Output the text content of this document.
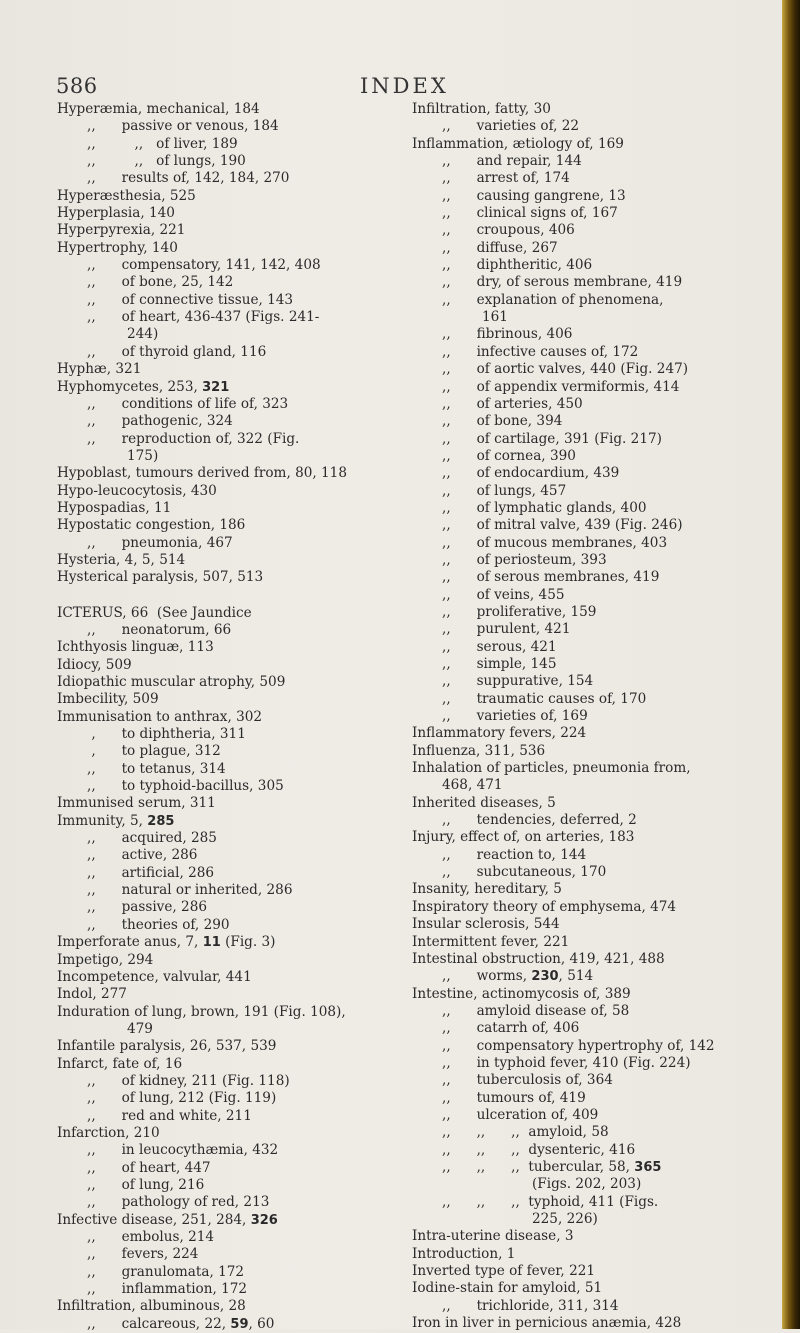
586	INDEX
Hyperæmia, mechanical, 184
,,      passive or venous, 184
,,         ,,   of liver, 189
,,         ,,   of lungs, 190
,,      results of, 142, 184, 270
Hyperæsthesia, 525
Hyperplasia, 140
Hyperpyrexia, 221
Hypertrophy, 140
,,      compensatory, 141, 142, 408
,,      of bone, 25, 142
,,      of connective tissue, 143
,,      of heart, 436-437 (Figs. 241-
244)
,,      of thyroid gland, 116
Hyphæ, 321
Hyphomycetes, 253, 321
,,      conditions of life of, 323
,,      pathogenic, 324
,,      reproduction of, 322 (Fig.
175)
Hypoblast, tumours derived from, 80, 118
Hypo-leucocytosis, 430
Hypospadias, 11
Hypostatic congestion, 186
,,      pneumonia, 467
Hysteria, 4, 5, 514
Hysterical paralysis, 507, 513
ICTERUS, 66  (See Jaundice
,,      neonatorum, 66
Ichthyosis linguæ, 113
Idiocy, 509
Idiopathic muscular atrophy, 509
Imbecility, 509
Immunisation to anthrax, 302
,      to diphtheria, 311
,      to plague, 312
,,      to tetanus, 314
,,      to typhoid-bacillus, 305
Immunised serum, 311
Immunity, 5, 285
,,      acquired, 285
,,      active, 286
,,      artificial, 286
,,      natural or inherited, 286
,,      passive, 286
,,      theories of, 290
Imperforate anus, 7, 11 (Fig. 3)
Impetigo, 294
Incompetence, valvular, 441
Indol, 277
Induration of lung, brown, 191 (Fig. 108),
479
Infantile paralysis, 26, 537, 539
Infarct, fate of, 16
,,      of kidney, 211 (Fig. 118)
,,      of lung, 212 (Fig. 119)
,,      red and white, 211
Infarction, 210
,,      in leucocythæmia, 432
,,      of heart, 447
,,      of lung, 216
,,      pathology of red, 213
Infective disease, 251, 284, 326
,,      embolus, 214
,,      fevers, 224
,,      granulomata, 172
,,      inflammation, 172
Infiltration, albuminous, 28
,,      calcareous, 22, 59, 60
Infiltration, fatty, 30
,,      varieties of, 22
Inflammation, ætiology of, 169
,,      and repair, 144
,,      arrest of, 174
,,      causing gangrene, 13
,,      clinical signs of, 167
,,      croupous, 406
,,      diffuse, 267
,,      diphtheritic, 406
,,      dry, of serous membrane, 419
,,      explanation of phenomena,
161
,,      fibrinous, 406
,,      infective causes of, 172
,,      of aortic valves, 440 (Fig. 247)
,,      of appendix vermiformis, 414
,,      of arteries, 450
,,      of bone, 394
,,      of cartilage, 391 (Fig. 217)
,,      of cornea, 390
,,      of endocardium, 439
,,      of lungs, 457
,,      of lymphatic glands, 400
,,      of mitral valve, 439 (Fig. 246)
,,      of mucous membranes, 403
,,      of periosteum, 393
,,      of serous membranes, 419
,,      of veins, 455
,,      proliferative, 159
,,      purulent, 421
,,      serous, 421
,,      simple, 145
,,      suppurative, 154
,,      traumatic causes of, 170
,,      varieties of, 169
Inflammatory fevers, 224
Influenza, 311, 536
Inhalation of particles, pneumonia from,
468, 471
Inherited diseases, 5
,,      tendencies, deferred, 2
Injury, effect of, on arteries, 183
,,      reaction to, 144
,,      subcutaneous, 170
Insanity, hereditary, 5
Inspiratory theory of emphysema, 474
Insular sclerosis, 544
Intermittent fever, 221
Intestinal obstruction, 419, 421, 488
,,      worms, 230, 514
Intestine, actinomycosis of, 389
,,      amyloid disease of, 58
,,      catarrh of, 406
,,      compensatory hypertrophy of, 142
,,      in typhoid fever, 410 (Fig. 224)
,,      tuberculosis of, 364
,,      tumours of, 419
,,      ulceration of, 409
,,      ,,      ,,  amyloid, 58
,,      ,,      ,,  dysenteric, 416
,,      ,,      ,,  tubercular, 58, 365
(Figs. 202, 203)
,,      ,,      ,,  typhoid, 411 (Figs.
225, 226)
Intra-uterine disease, 3
Introduction, 1
Inverted type of fever, 221
Iodine-stain for amyloid, 51
,,      trichloride, 311, 314
Iron in liver in pernicious anæmia, 428
